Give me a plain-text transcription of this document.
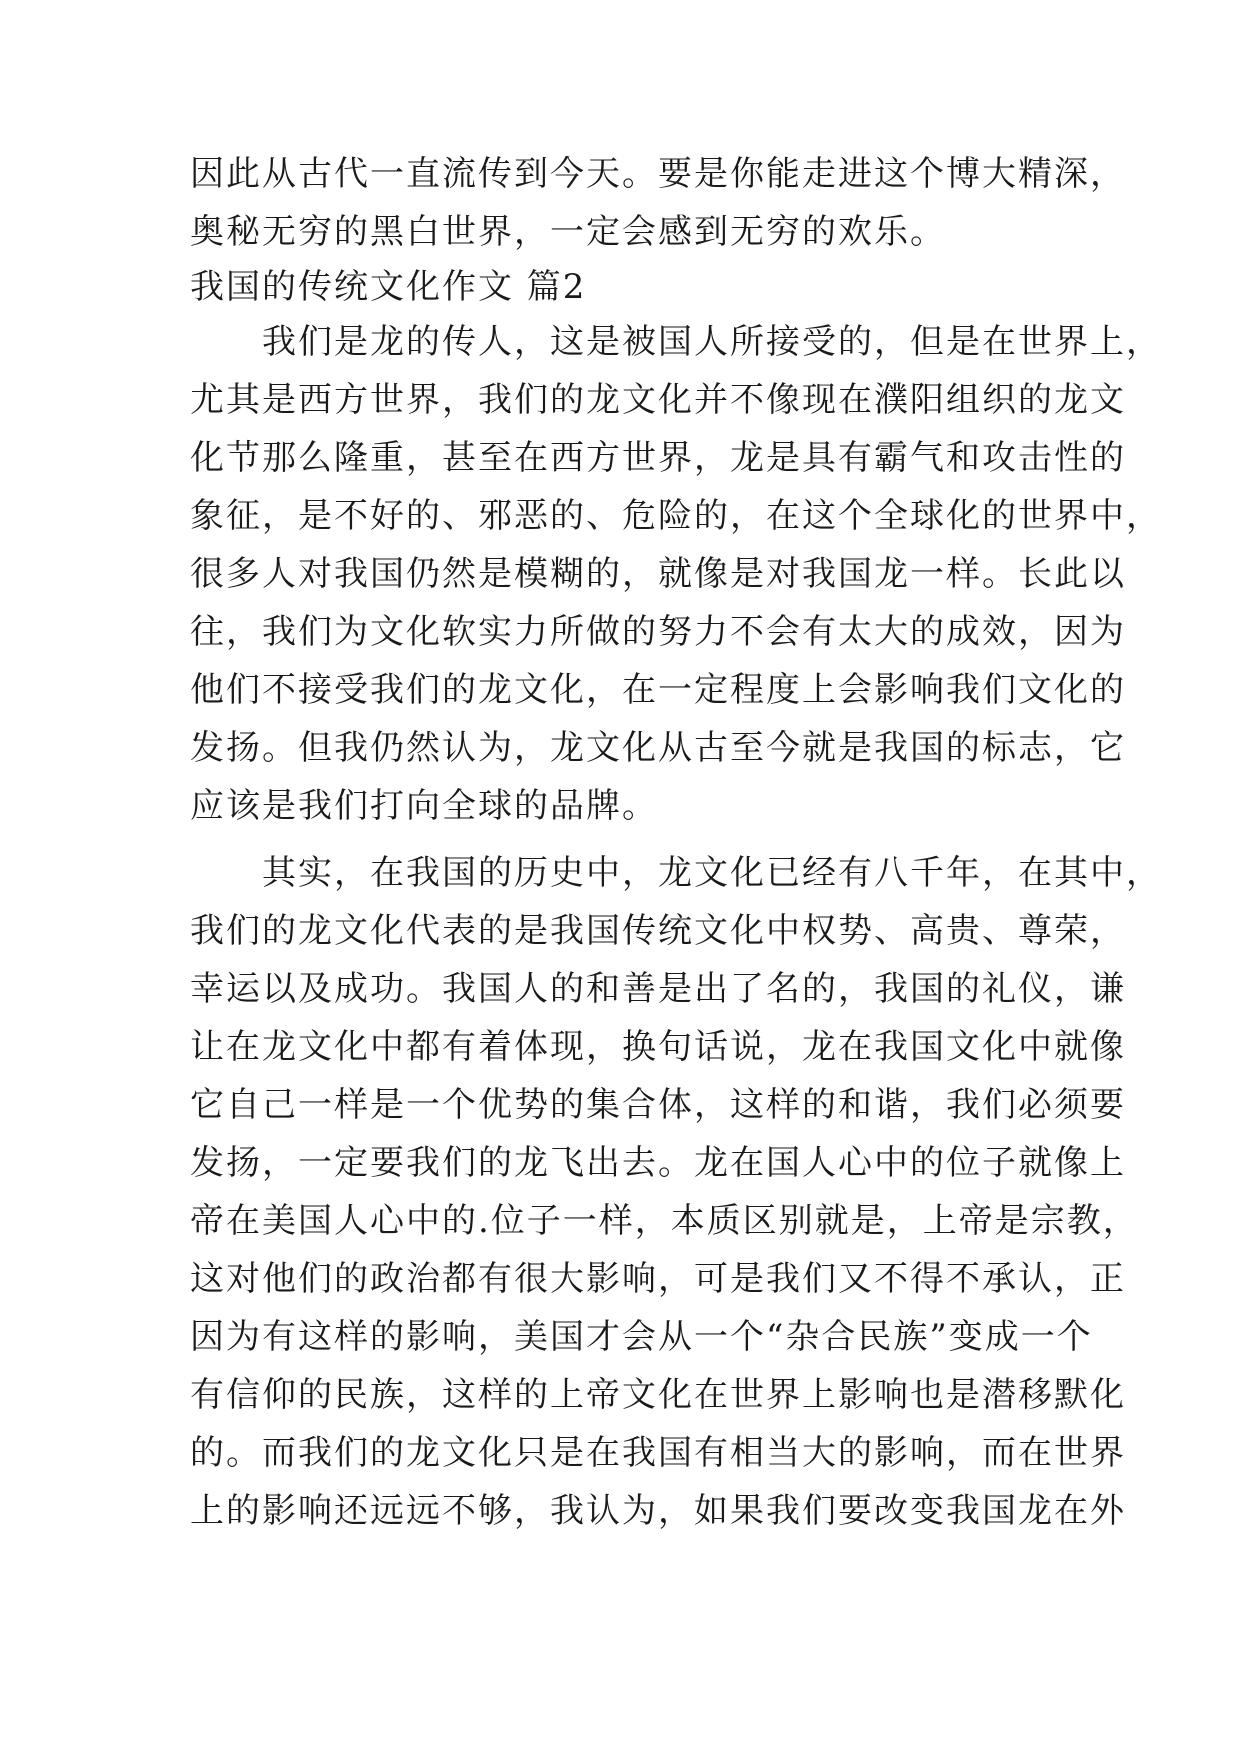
因此从古代一直流传到今天。要是你能走进这个博大精深，
奥秘无穷的黑白世界，一定会感到无穷的欢乐。
我国的传统文化作文 篇2
　　我们是龙的传人，这是被国人所接受的，但是在世界上，
尤其是西方世界，我们的龙文化并不像现在濮阳组织的龙文
化节那么隆重，甚至在西方世界，龙是具有霸气和攻击性的
象征，是不好的、邪恶的、危险的，在这个全球化的世界中，
很多人对我国仍然是模糊的，就像是对我国龙一样。长此以
往，我们为文化软实力所做的努力不会有太大的成效，因为
他们不接受我们的龙文化，在一定程度上会影响我们文化的
发扬。但我仍然认为，龙文化从古至今就是我国的标志，它
应该是我们打向全球的品牌。
　　其实，在我国的历史中，龙文化已经有八千年，在其中，
我们的龙文化代表的是我国传统文化中权势、高贵、尊荣，
幸运以及成功。我国人的和善是出了名的，我国的礼仪，谦
让在龙文化中都有着体现，换句话说，龙在我国文化中就像
它自己一样是一个优势的集合体，这样的和谐，我们必须要
发扬，一定要我们的龙飞出去。龙在国人心中的位子就像上
帝在美国人心中的.位子一样，本质区别就是，上帝是宗教，
这对他们的政治都有很大影响，可是我们又不得不承认，正
因为有这样的影响，美国才会从一个“杂合民族”变成一个
有信仰的民族，这样的上帝文化在世界上影响也是潜移默化
的。而我们的龙文化只是在我国有相当大的影响，而在世界
上的影响还远远不够，我认为，如果我们要改变我国龙在外
